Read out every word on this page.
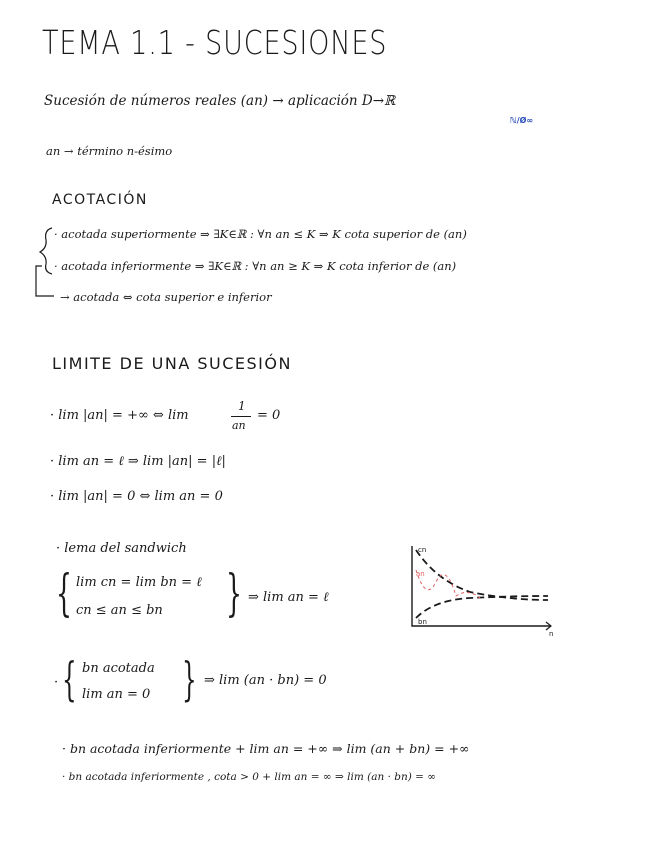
TEMA 1.1 - SUCESIONES
Sucesión de números reales (an) → aplicación D→ℝ
ℕ/Ø∞
an → término n-ésimo
ACOTACIÓN
· acotada superiormente ⇒ ∃K∈ℝ : ∀n an ≤ K ⇒ K cota superior de (an)
· acotada inferiormente ⇒ ∃K∈ℝ : ∀n an ≥ K ⇒ K cota inferior de (an)
→ acotada ⇔ cota superior e inferior
LIMITE DE UNA SUCESIÓN
· lim |an| = +∞ ⇔ lim
1
an
= 0
· lim an = ℓ ⇒ lim |an| = |ℓ|
· lim |an| = 0 ⇔ lim an = 0
· lema del sandwich
{ lim cn = lim bn = ℓ
cn ≤ an ≤ bn } ⇒ lim an = ℓ
cn
an
bn
n
· { bn acotada
lim an = 0 } ⇒ lim (an · bn) = 0
· bn acotada inferiormente + lim an = +∞ ⇒ lim (an + bn) = +∞
· bn acotada inferiormente , cota > 0 + lim an = ∞ ⇒ lim (an · bn) = ∞
